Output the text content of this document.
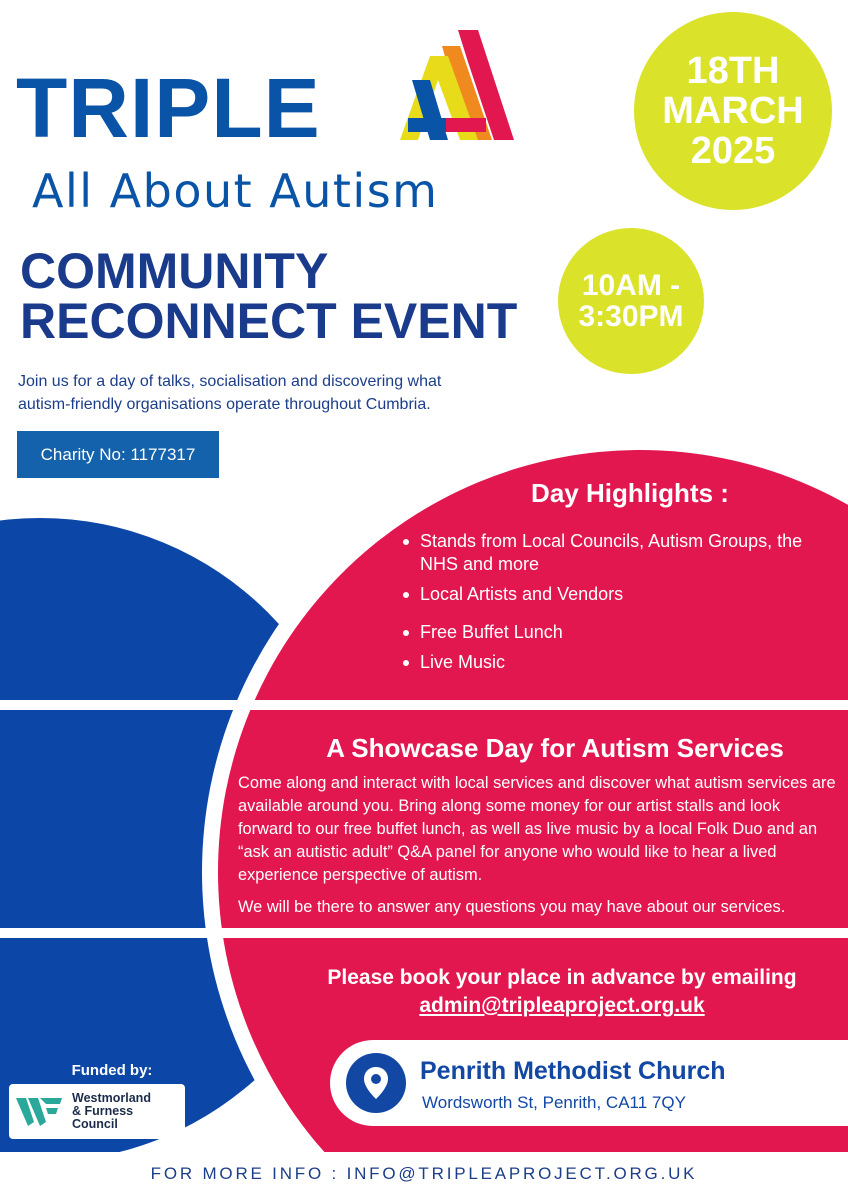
TRIPLE
All About Autism
18TH
MARCH
2025
10AM -
3:30PM
COMMUNITY
RECONNECT EVENT
Join us for a day of talks, socialisation and discovering what autism-friendly organisations operate throughout Cumbria.
Charity No: 1177317
Day Highlights :
Stands from Local Councils, Autism Groups, the NHS and more
Local Artists and Vendors
Free Buffet Lunch
Live Music
A Showcase Day for Autism Services

Come along and interact with local services and discover what autism services are available around you. Bring along some money for our artist stalls and look forward to our free buffet lunch, as well as live music by a local Folk Duo and an “ask an autistic adult” Q&A panel for anyone who would like to hear a lived experience perspective of autism.

We will be there to answer any questions you may have about our services.

Please book your place in advance by emailing
admin@tripleaproject.org.uk
Penrith Methodist Church
Wordsworth St, Penrith, CA11 7QY
Funded by:
Westmorland
& Furness
Council
FOR MORE INFO : INFO@TRIPLEAPROJECT.ORG.UK
